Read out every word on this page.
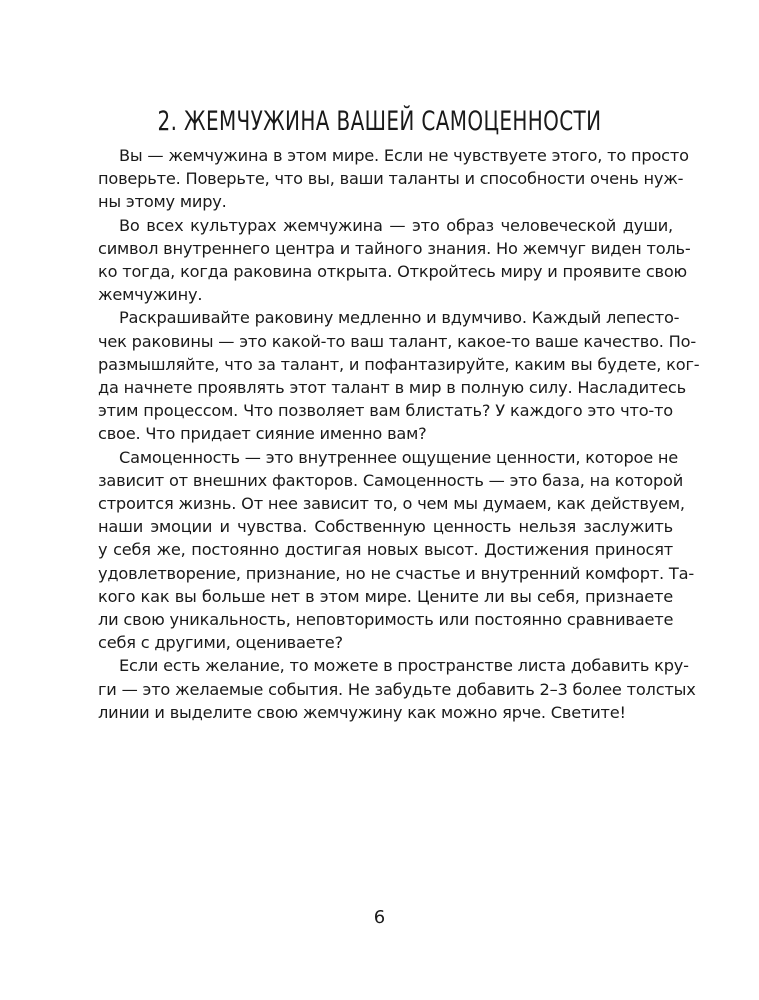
2. ЖЕМЧУЖИНА ВАШЕЙ САМОЦЕННОСТИ

Вы — жемчужина в этом мире. Если не чувствуете этого, то просто
поверьте. Поверьте, что вы, ваши таланты и способности очень нуж-
ны этому миру.

Во всех культурах жемчужина — это образ человеческой души,
символ внутреннего центра и тайного знания. Но жемчуг виден толь-
ко тогда, когда раковина открыта. Откройтесь миру и проявите свою
жемчужину.

Раскрашивайте раковину медленно и вдумчиво. Каждый лепесто-
чек раковины — это какой-то ваш талант, какое-то ваше качество. По-
размышляйте, что за талант, и пофантазируйте, каким вы будете, ког-
да начнете проявлять этот талант в мир в полную силу. Насладитесь
этим процессом. Что позволяет вам блистать? У каждого это что-то
свое. Что придает сияние именно вам?

Самоценность — это внутреннее ощущение ценности, которое не
зависит от внешних факторов. Самоценность — это база, на которой
строится жизнь. От нее зависит то, о чем мы думаем, как действуем,
наши эмоции и чувства. Собственную ценность нельзя заслужить
у себя же, постоянно достигая новых высот. Достижения приносят
удовлетворение, признание, но не счастье и внутренний комфорт. Та-
кого как вы больше нет в этом мире. Цените ли вы себя, признаете
ли свою уникальность, неповторимость или постоянно сравниваете
себя с другими, оцениваете?

Если есть желание, то можете в пространстве листа добавить кру-
ги — это желаемые события. Не забудьте добавить 2–3 более толстых
линии и выделите свою жемчужину как можно ярче. Светите!

6
